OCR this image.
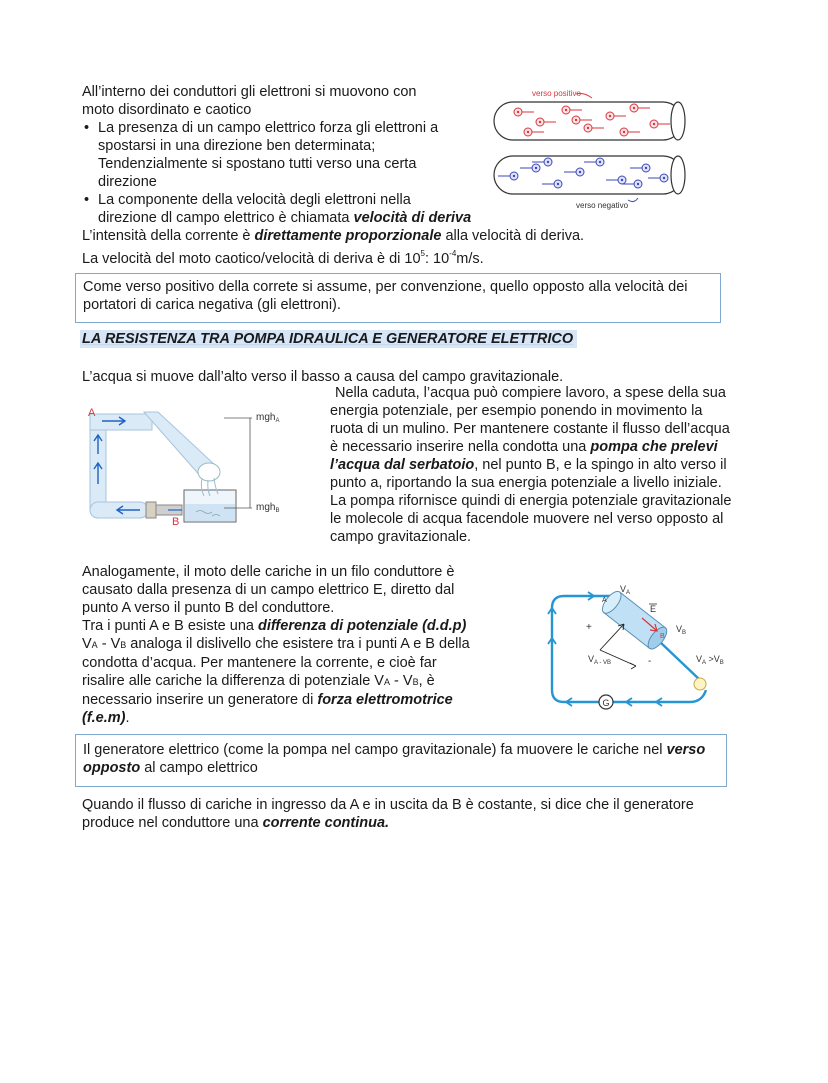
All’interno dei conduttori gli elettroni si muovono con
moto disordinato e caotico
• La presenza di un campo elettrico forza gli elettroni a
spostarsi in una direzione ben determinata;
Tendenzialmente si spostano tutti verso una certa
direzione
• La componente della velocità degli elettroni nella
direzione dl campo elettrico è chiamata velocità di deriva
L’intensità della corrente è direttamente proporzionale alla velocità di deriva.
La velocità del moto caotico/velocità di deriva è di $10^5$: $10^{-4}m/s$.
verso positivo
verso negativo
Come verso positivo della correte si assume, per convenzione, quello opposto alla velocità dei
portatori di carica negativa (gli elettroni).
LA RESISTENZA TRA POMPA IDRAULICA E GENERATORE ELETTRICO
L’acqua si muove dall’alto verso il basso a causa del campo gravitazionale.
Nella caduta, l’acqua può compiere lavoro, a spese della sua
energia potenziale, per esempio ponendo in movimento la
ruota di un mulino. Per mantenere costante il flusso dell’acqua
è necessario inserire nella condotta una pompa che prelevi
l’acqua dal serbatoio, nel punto B, e la spingo in alto verso il
punto a, riportando la sua energia potenziale a livello iniziale.
La pompa rifornisce quindi di energia potenziale gravitazionale
le molecole di acqua facendole muovere nel verso opposto al
campo gravitazionale.
A
B
mgh$_A$
mgh$_B$
Analogamente, il moto delle cariche in un filo conduttore è
causato dalla presenza di un campo elettrico E, diretto dal
punto A verso il punto B del conduttore.
Tra i punti A e B esiste una differenza di potenziale (d.d.p)
VA - VB analoga il dislivello che esistere tra i punti A e B della
condotta d’acqua. Per mantenere la corrente, e cioè far
risalire alle cariche la differenza di potenziale VA - VB, è
necessario inserire un generatore di forza elettromotrice
(f.e.m).
G
$V_A$
A
E
$V_B$
B
+
-
$V_{A - V}B$	$V_A >V_B$
Il generatore elettrico (come la pompa nel campo gravitazionale) fa muovere le cariche nel verso
opposto al campo elettrico
Quando il flusso di cariche in ingresso da A e in uscita da B è costante, si dice che il generatore
produce nel conduttore una corrente continua.
